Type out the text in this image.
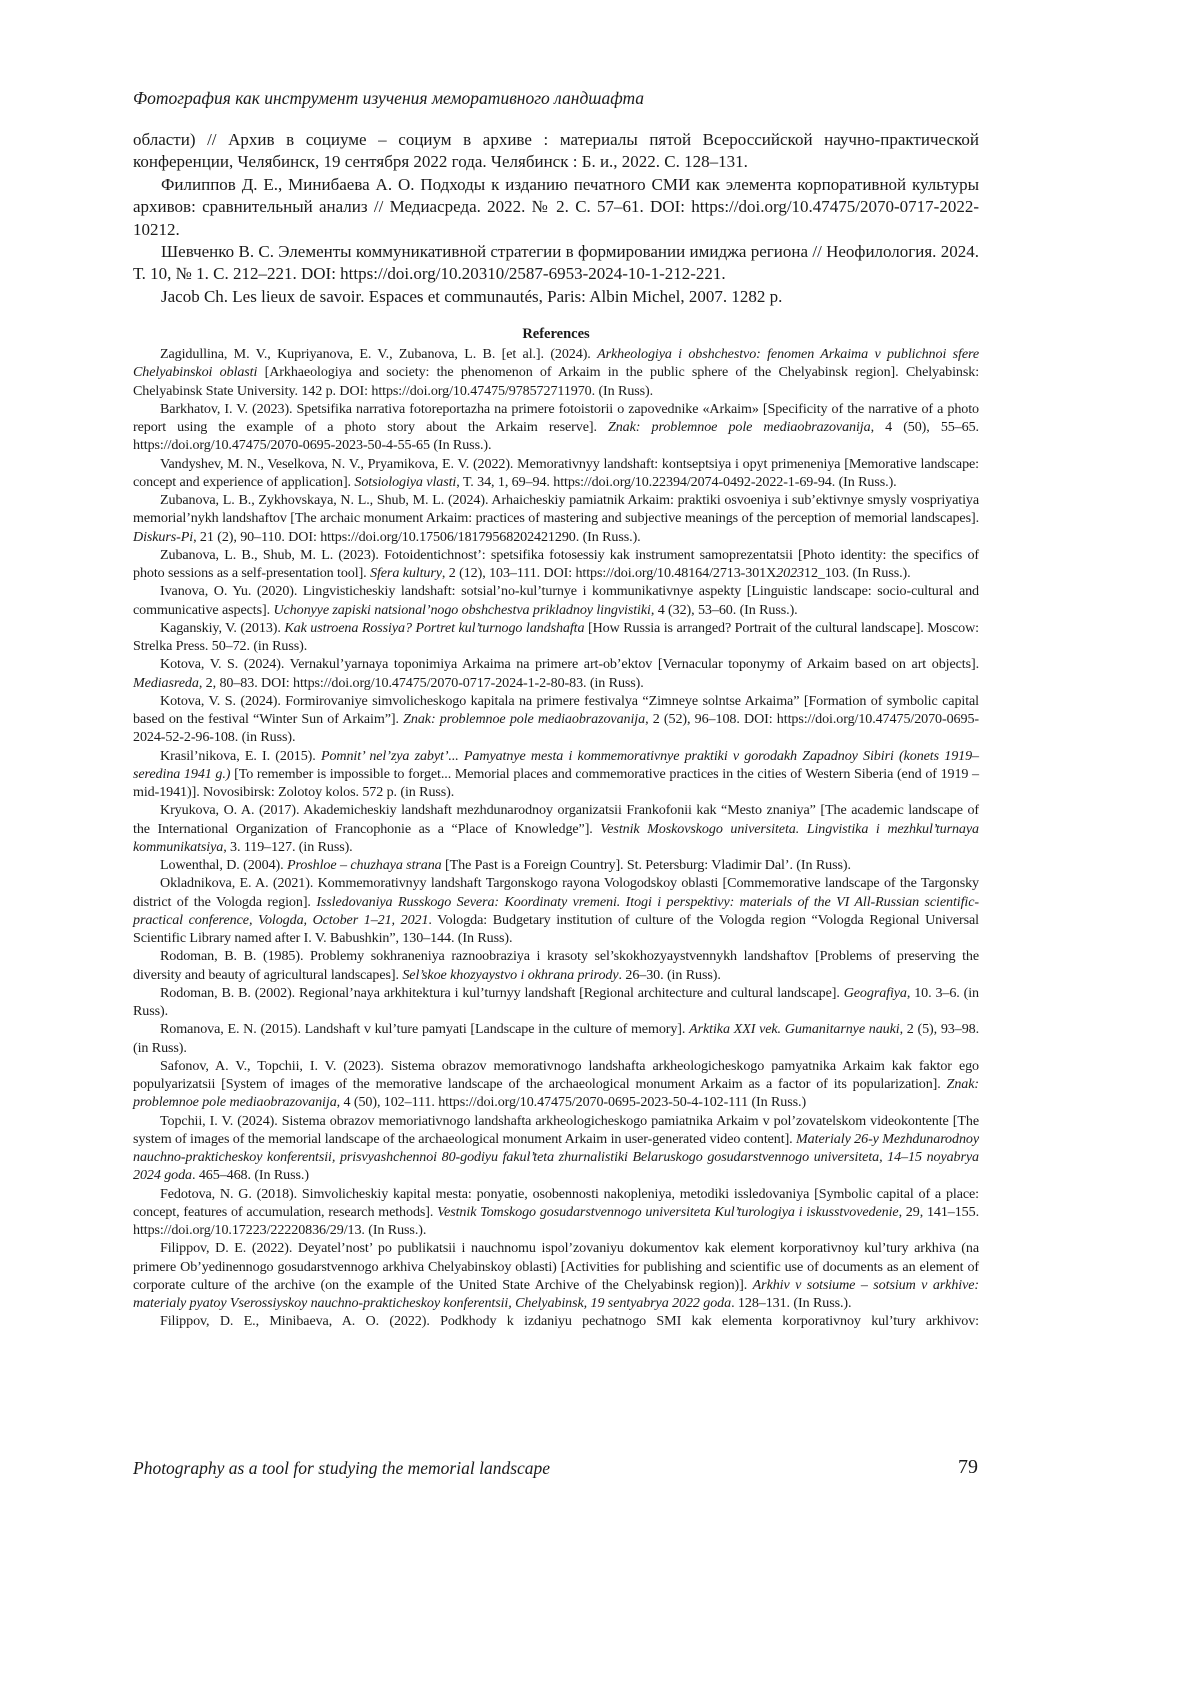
Фотография как инструмент изучения меморативного ландшафта

области) // Архив в социуме – социум в архиве : материалы пятой Всероссийской научно-практической конференции, Челябинск, 19 сентября 2022 года. Челябинск : Б. и., 2022. С. 128–131.

Филиппов Д. Е., Минибаева А. О. Подходы к изданию печатного СМИ как элемента корпоративной культуры архивов: сравнительный анализ // Медиасреда. 2022. № 2. С. 57–61. DOI: https://doi.org/10.47475/2070-0717-2022-10212.

Шевченко В. С. Элементы коммуникативной стратегии в формировании имиджа региона // Неофилология. 2024. Т. 10, № 1. С. 212–221. DOI: https://doi.org/10.20310/2587-6953-2024-10-1-212-221.

Jacob Ch. Les lieux de savoir. Espaces et communautés, Paris: Albin Michel, 2007. 1282 p.

References

Zagidullina, M. V., Kupriyanova, E. V., Zubanova, L. B. [et al.]. (2024). Arkheologiya i obshchestvo: fenomen Arkaima v publichnoi sfere Chelyabinskoi oblasti [Arkhaeologiya and society: the phenomenon of Arkaim in the public sphere of the Chelyabinsk region]. Chelyabinsk: Chelyabinsk State University. 142 p. DOI: https://doi.org/10.47475/978572711970. (In Russ).

Barkhatov, I. V. (2023). Spetsifika narrativa fotoreportazha na primere fotoistorii o zapovednike «Arkaim» [Specificity of the narrative of a photo report using the example of a photo story about the Arkaim reserve]. Znak: problemnoe pole mediaobrazovanija, 4 (50), 55–65. https://doi.org/10.47475/2070-0695-2023-50-4-55-65 (In Russ.).

Vandyshev, M. N., Veselkova, N. V., Pryamikova, E. V. (2022). Memorativnyy landshaft: kontseptsiya i opyt primeneniya [Memorative landscape: concept and experience of application]. Sotsiologiya vlasti, T. 34, 1, 69–94. https://doi.org/10.22394/2074-0492-2022-1-69-94. (In Russ.).

Zubanova, L. B., Zykhovskaya, N. L., Shub, M. L. (2024). Arhaicheskiy pamiatnik Arkaim: praktiki osvoeniya i sub’ektivnye smysly vospriyatiya memorial’nykh landshaftov [The archaic monument Arkaim: practices of mastering and subjective meanings of the perception of memorial landscapes]. Diskurs-Pi, 21 (2), 90–110. DOI: https://doi.org/10.17506/18179568202421290. (In Russ.).

Zubanova, L. B., Shub, M. L. (2023). Fotoidentichnost’: spetsifika fotosessiy kak instrument samoprezentatsii [Photo identity: the specifics of photo sessions as a self-presentation tool]. Sfera kultury, 2 (12), 103–111. DOI: https://doi.org/10.48164/2713-301X202312_103. (In Russ.).

Ivanova, O. Yu. (2020). Lingvisticheskiy landshaft: sotsial’no-kul’turnye i kommunikativnye aspekty [Linguistic landscape: socio-cultural and communicative aspects]. Uchonyye zapiski natsional’nogo obshchestva prikladnoy lingvistiki, 4 (32), 53–60. (In Russ.).

Kaganskiy, V. (2013). Kak ustroena Rossiya? Portret kul’turnogo landshafta [How Russia is arranged? Portrait of the cultural landscape]. Moscow: Strelka Press. 50–72. (in Russ).

Kotova, V. S. (2024). Vernakul’yarnaya toponimiya Arkaima na primere art-ob’ektov [Vernacular toponymy of Arkaim based on art objects]. Mediasreda, 2, 80–83. DOI: https://doi.org/10.47475/2070-0717-2024-1-2-80-83. (in Russ).

Kotova, V. S. (2024). Formirovaniye simvolicheskogo kapitala na primere festivalya “Zimneye solntse Arkaima” [Formation of symbolic capital based on the festival “Winter Sun of Arkaim”]. Znak: problemnoe pole mediaobrazovanija, 2 (52), 96–108. DOI: https://doi.org/10.47475/2070-0695-2024-52-2-96-108. (in Russ).

Krasil’nikova, E. I. (2015). Pomnit’ nel’zya zabyt’... Pamyatnye mesta i kommemorativnye praktiki v gorodakh Zapadnoy Sibiri (konets 1919–seredina 1941 g.) [To remember is impossible to forget... Memorial places and commemorative practices in the cities of Western Siberia (end of 1919 – mid-1941)]. Novosibirsk: Zolotoy kolos. 572 p. (in Russ).

Kryukova, O. A. (2017). Akademicheskiy landshaft mezhdunarodnoy organizatsii Frankofonii kak “Mesto znaniya” [The academic landscape of the International Organization of Francophonie as a “Place of Knowledge”]. Vestnik Moskovskogo universiteta. Lingvistika i mezhkul’turnaya kommunikatsiya, 3. 119–127. (in Russ).

Lowenthal, D. (2004). Proshloe – chuzhaya strana [The Past is a Foreign Country]. St. Petersburg: Vladimir Dal’. (In Russ).

Okladnikova, E. A. (2021). Kommemorativnyy landshaft Targonskogo rayona Vologodskoy oblasti [Commemorative landscape of the Targonsky district of the Vologda region]. Issledovaniya Russkogo Severa: Koordinaty vremeni. Itogi i perspektivy: materials of the VI All-Russian scientific-practical conference, Vologda, October 1–21, 2021. Vologda: Budgetary institution of culture of the Vologda region “Vologda Regional Universal Scientific Library named after I. V. Babushkin”, 130–144. (In Russ).

Rodoman, B. B. (1985). Problemy sokhraneniya raznoobraziya i krasoty sel’skokhozyaystvennykh landshaftov [Problems of preserving the diversity and beauty of agricultural landscapes]. Sel’skoe khozyaystvo i okhrana prirody. 26–30. (in Russ).

Rodoman, B. B. (2002). Regional’naya arkhitektura i kul’turnyy landshaft [Regional architecture and cultural landscape]. Geografiya, 10. 3–6. (in Russ).

Romanova, E. N. (2015). Landshaft v kul’ture pamyati [Landscape in the culture of memory]. Arktika XXI vek. Gumanitarnye nauki, 2 (5), 93–98. (in Russ).

Safonov, A. V., Topchii, I. V. (2023). Sistema obrazov memorativnogo landshafta arkheologicheskogo pamyatnika Arkaim kak faktor ego populyarizatsii [System of images of the memorative landscape of the archaeological monument Arkaim as a factor of its popularization]. Znak: problemnoe pole mediaobrazovanija, 4 (50), 102–111. https://doi.org/10.47475/2070-0695-2023-50-4-102-111 (In Russ.)

Topchii, I. V. (2024). Sistema obrazov memoriativnogo landshafta arkheologicheskogo pamiatnika Arkaim v pol’zovatelskom videokontente [The system of images of the memorial landscape of the archaeological monument Arkaim in user-generated video content]. Materialy 26-y Mezhdunarodnoy nauchno-prakticheskoy konferentsii, prisvyashchennoi 80-godiyu fakul’teta zhurnalistiki Belaruskogo gosudarstvennogo universiteta, 14–15 noyabrya 2024 goda. 465–468. (In Russ.)

Fedotova, N. G. (2018). Simvolicheskiy kapital mesta: ponyatie, osobennosti nakopleniya, metodiki issledovaniya [Symbolic capital of a place: concept, features of accumulation, research methods]. Vestnik Tomskogo gosudarstvennogo universiteta Kul’turologiya i iskusstvovedenie, 29, 141–155. https://doi.org/10.17223/22220836/29/13. (In Russ.).

Filippov, D. E. (2022). Deyatel’nost’ po publikatsii i nauchnomu ispol’zovaniyu dokumentov kak element korporativnoy kul’tury arkhiva (na primere Ob’yedinennogo gosudarstvennogo arkhiva Chelyabinskoy oblasti) [Activities for publishing and scientific use of documents as an element of corporate culture of the archive (on the example of the United State Archive of the Chelyabinsk region)]. Arkhiv v sotsiume – sotsium v arkhive: materialy pyatoy Vserossiyskoy nauchno-prakticheskoy konferentsii, Chelyabinsk, 19 sentyabrya 2022 goda. 128–131. (In Russ.).

Filippov, D. E., Minibaeva, A. O. (2022). Podkhody k izdaniyu pechatnogo SMI kak elementa korporativnoy kul’tury arkhivov:

Photography as a tool for studying the memorial landscape	79
